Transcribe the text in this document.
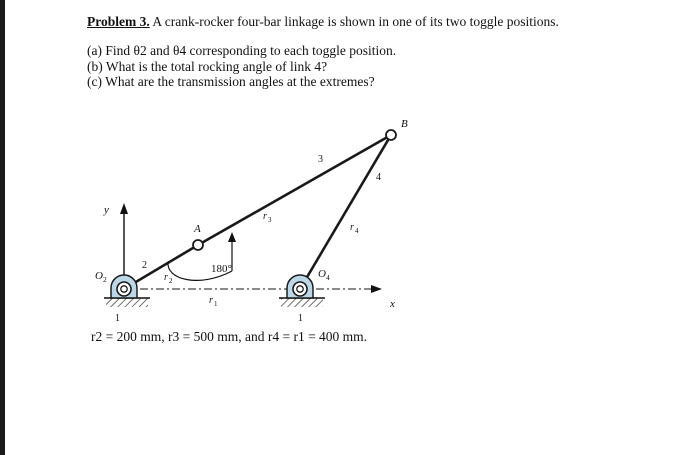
Problem 3. A crank-rocker four-bar linkage is shown in one of its two toggle positions.
(a) Find θ2 and θ4 corresponding to each toggle position.
(b) What is the total rocking angle of link 4?
(c) What are the transmission angles at the extremes?
y
x
180°
B
A
O 2	O 4
2
3
4
r 2
r 3
r 4
r 1
1	1
r2 = 200 mm, r3 = 500 mm, and r4 = r1 = 400 mm.
